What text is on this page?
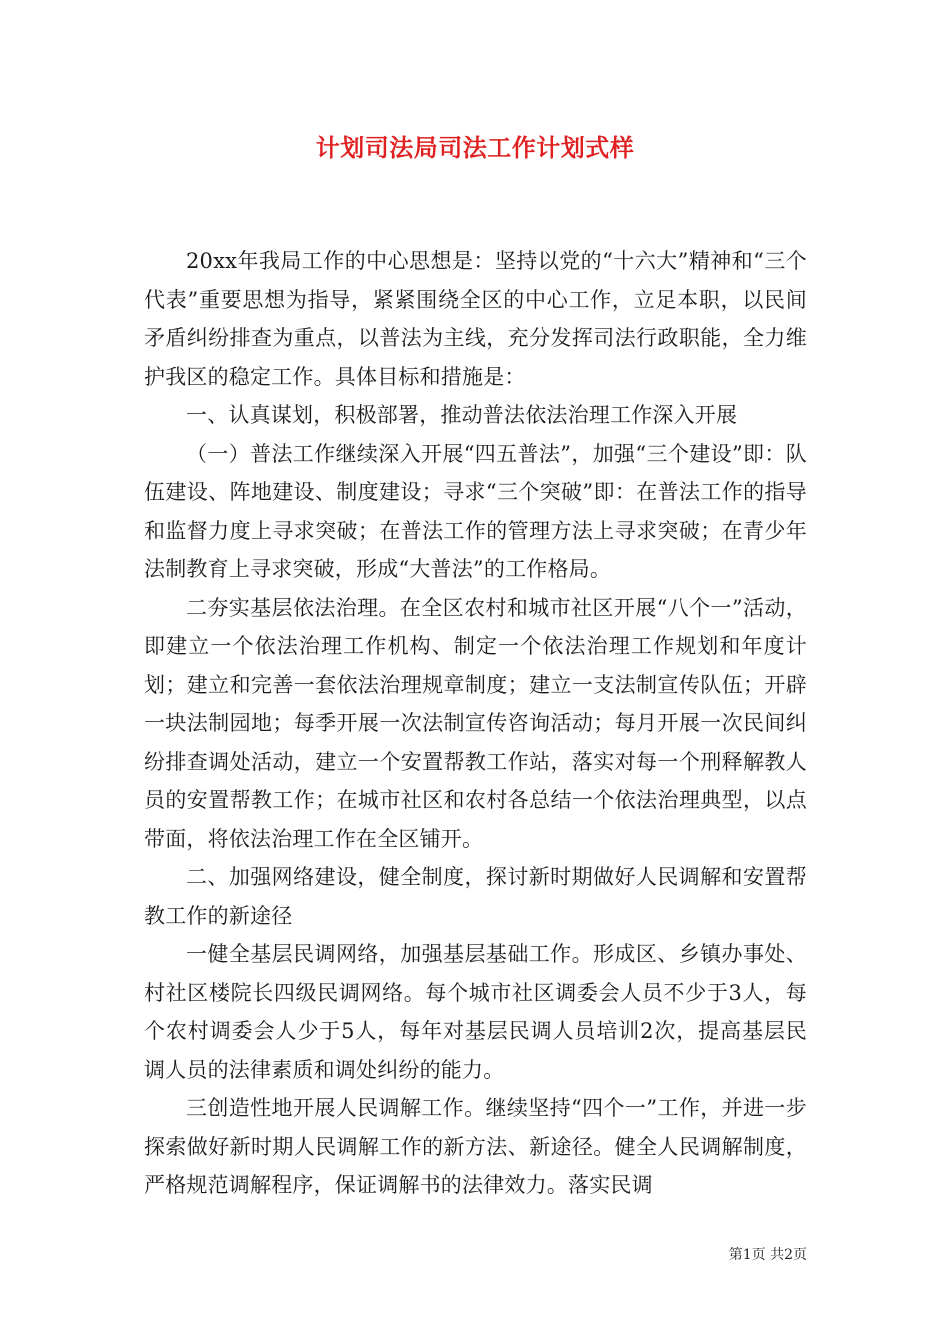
计划司法局司法工作计划式样

20xx年我局工作的中心思想是：坚持以党的“十六大”精神和“三个代表”重要思想为指导，紧紧围绕全区的中心工作，立足本职，以民间矛盾纠纷排查为重点，以普法为主线，充分发挥司法行政职能，全力维护我区的稳定工作。具体目标和措施是：

一、认真谋划，积极部署，推动普法依法治理工作深入开展

（一）普法工作继续深入开展“四五普法”，加强“三个建设”即：队伍建设、阵地建设、制度建设；寻求“三个突破”即：在普法工作的指导和监督力度上寻求突破；在普法工作的管理方法上寻求突破；在青少年法制教育上寻求突破，形成“大普法”的工作格局。

二夯实基层依法治理。在全区农村和城市社区开展“八个一”活动，即建立一个依法治理工作机构、制定一个依法治理工作规划和年度计划；建立和完善一套依法治理规章制度；建立一支法制宣传队伍；开辟一块法制园地；每季开展一次法制宣传咨询活动；每月开展一次民间纠纷排查调处活动，建立一个安置帮教工作站，落实对每一个刑释解教人员的安置帮教工作；在城市社区和农村各总结一个依法治理典型，以点带面，将依法治理工作在全区铺开。

二、加强网络建设，健全制度，探讨新时期做好人民调解和安置帮教工作的新途径

一健全基层民调网络，加强基层基础工作。形成区、乡镇办事处、村社区楼院长四级民调网络。每个城市社区调委会人员不少于3人，每个农村调委会人少于5人，每年对基层民调人员培训2次，提高基层民调人员的法律素质和调处纠纷的能力。

三创造性地开展人民调解工作。继续坚持“四个一”工作，并进一步探索做好新时期人民调解工作的新方法、新途径。健全人民调解制度，严格规范调解程序，保证调解书的法律效力。落实民调

第1页 共2页
